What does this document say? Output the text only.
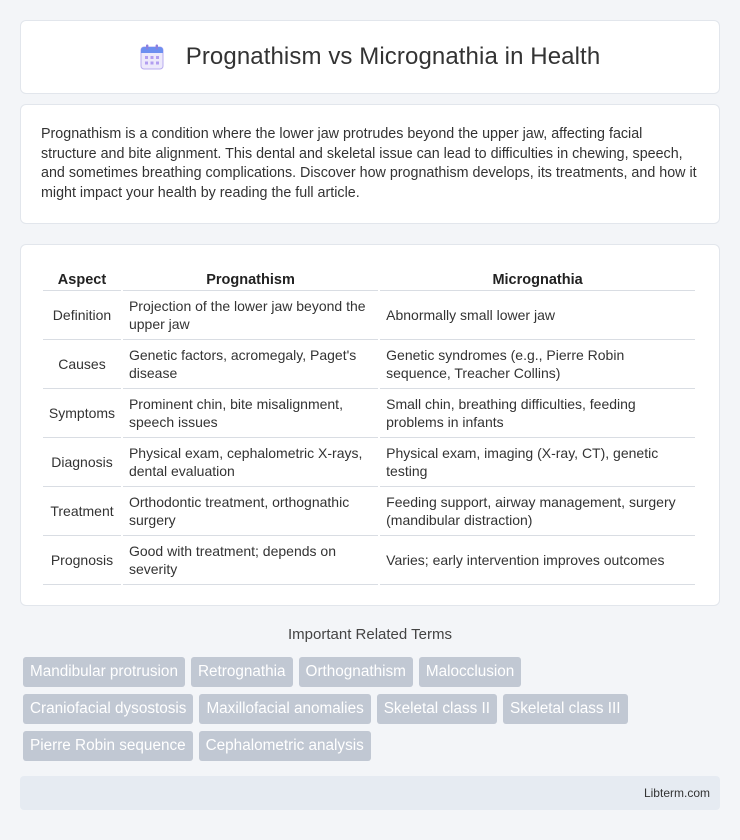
Prognathism vs Micrognathia in Health

Prognathism is a condition where the lower jaw protrudes beyond the upper jaw, affecting facial structure and bite alignment. This dental and skeletal issue can lead to difficulties in chewing, speech, and sometimes breathing complications. Discover how prognathism develops, its treatments, and how it might impact your health by reading the full article.

Aspect	Prognathism	Micrognathia
Definition	Projection of the lower jaw beyond the upper jaw	Abnormally small lower jaw
Causes	Genetic factors, acromegaly, Paget's disease	Genetic syndromes (e.g., Pierre Robin sequence, Treacher Collins)
Symptoms	Prominent chin, bite misalignment, speech issues	Small chin, breathing difficulties, feeding problems in infants
Diagnosis	Physical exam, cephalometric X-rays, dental evaluation	Physical exam, imaging (X-ray, CT), genetic testing
Treatment	Orthodontic treatment, orthognathic surgery	Feeding support, airway management, surgery (mandibular distraction)
Prognosis	Good with treatment; depends on severity	Varies; early intervention improves outcomes
Important Related Terms
Mandibular protrusion	Retrognathia	Orthognathism	Malocclusion
Craniofacial dysostosis	Maxillofacial anomalies	Skeletal class II	Skeletal class III
Pierre Robin sequence	Cephalometric analysis
Libterm.com
